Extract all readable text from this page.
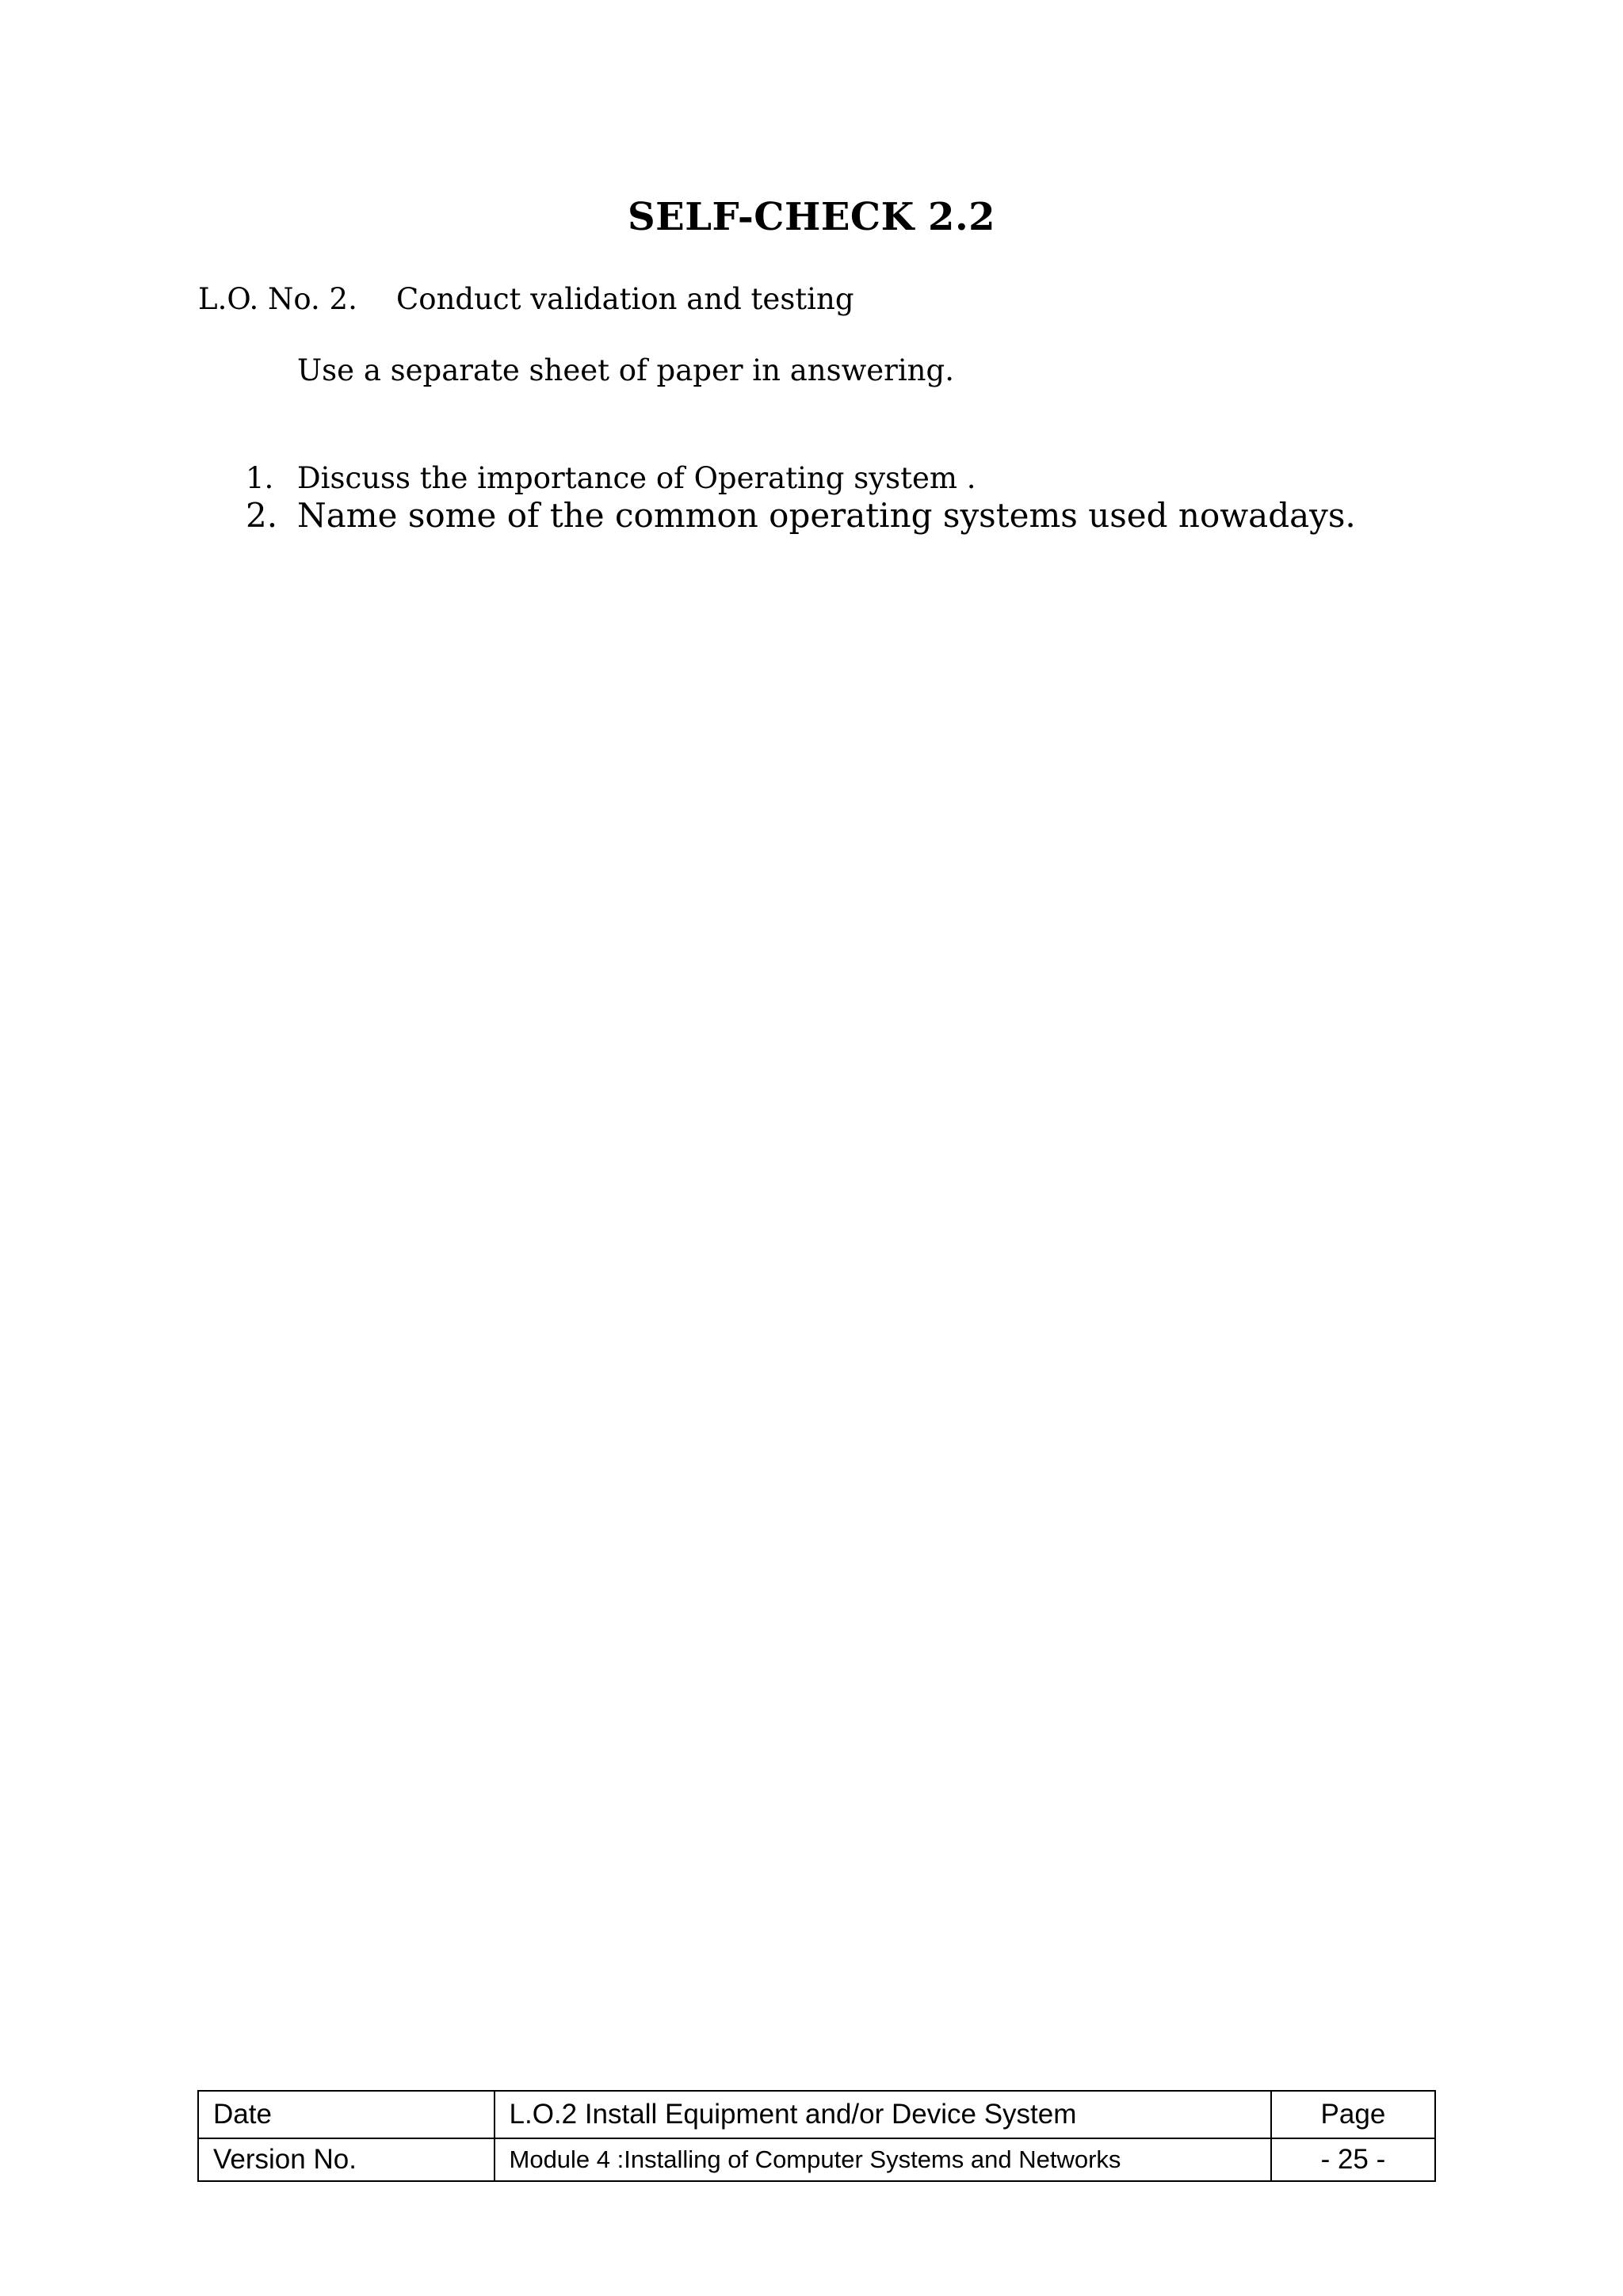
SELF-CHECK 2.2
L.O. No. 2. Conduct validation and testing
Use a separate sheet of paper in answering.
1. Discuss the importance of Operating system .
2. Name some of the common operating systems used nowadays.
Date	L.O.2 Install Equipment and/or Device System	Page
Version No.	Module 4 :Installing of Computer Systems and Networks	- 25 -
